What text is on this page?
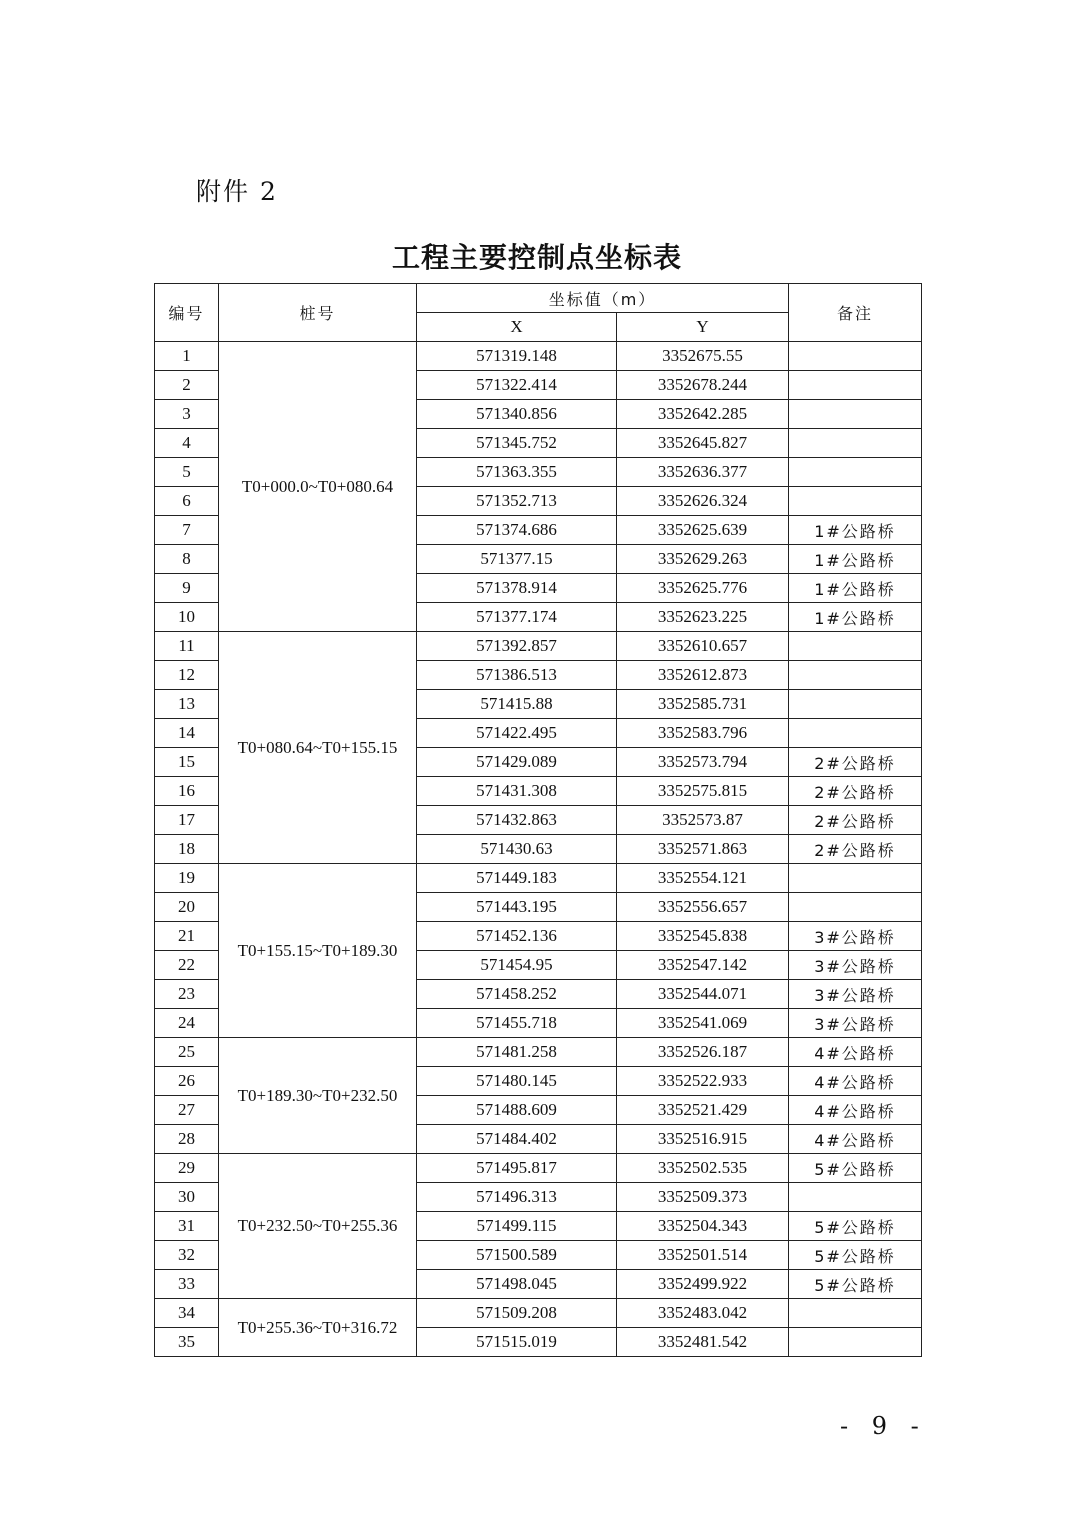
附件 2
工程主要控制点坐标表
编号	桩号	坐标值（m）		备注
		X	Y	
1	T0+000.0~T0+080.64	571319.148	3352675.55	
2		571322.414	3352678.244	
3		571340.856	3352642.285	
4		571345.752	3352645.827	
5		571363.355	3352636.377	
6		571352.713	3352626.324	
7		571374.686	3352625.639	1#公路桥
8		571377.15	3352629.263	1#公路桥
9		571378.914	3352625.776	1#公路桥
10		571377.174	3352623.225	1#公路桥
11	T0+080.64~T0+155.15	571392.857	3352610.657	
12		571386.513	3352612.873	
13		571415.88	3352585.731	
14		571422.495	3352583.796	
15		571429.089	3352573.794	2#公路桥
16		571431.308	3352575.815	2#公路桥
17		571432.863	3352573.87	2#公路桥
18		571430.63	3352571.863	2#公路桥
19	T0+155.15~T0+189.30	571449.183	3352554.121	
20		571443.195	3352556.657	
21		571452.136	3352545.838	3#公路桥
22		571454.95	3352547.142	3#公路桥
23		571458.252	3352544.071	3#公路桥
24		571455.718	3352541.069	3#公路桥
25	T0+189.30~T0+232.50	571481.258	3352526.187	4#公路桥
26		571480.145	3352522.933	4#公路桥
27		571488.609	3352521.429	4#公路桥
28		571484.402	3352516.915	4#公路桥
29	T0+232.50~T0+255.36	571495.817	3352502.535	5#公路桥
30		571496.313	3352509.373	
31		571499.115	3352504.343	5#公路桥
32		571500.589	3352501.514	5#公路桥
33		571498.045	3352499.922	5#公路桥
34	T0+255.36~T0+316.72	571509.208	3352483.042	
35		571515.019	3352481.542	
- 9 -
